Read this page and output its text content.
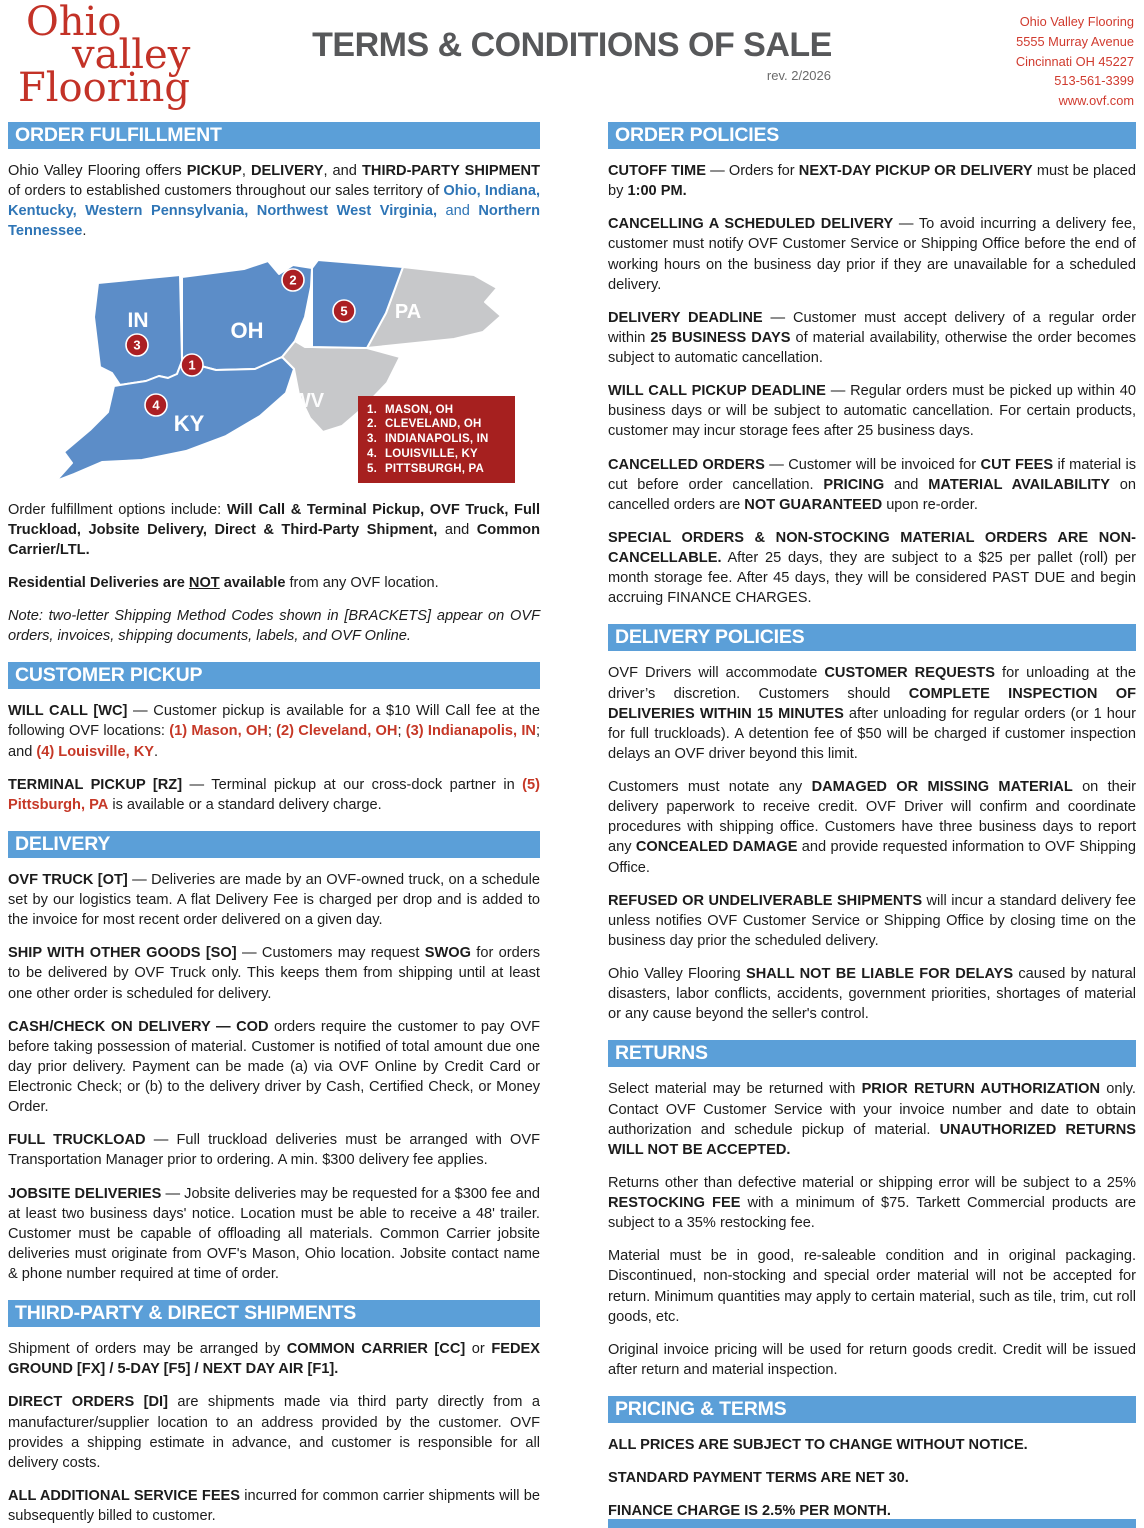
Ohio
valley
Flooring
TERMS & CONDITIONS OF SALE
rev. 2/2026
Ohio Valley Flooring
5555 Murray Avenue
Cincinnati OH 45227
513-561-3399
www.ovf.com
ORDER FULFILLMENT

Ohio Valley Flooring offers PICKUP, DELIVERY, and THIRD-PARTY SHIPMENT of orders to established customers throughout our sales territory of Ohio, Indiana, Kentucky, Western Pennsylvania, Northwest West Virginia, and Northern Tennessee.

IN	OH
KY
WV
PA
1
2
3
4
5
1. MASON, OH
2. CLEVELAND, OH
3. INDIANAPOLIS, IN
4. LOUISVILLE, KY
5. PITTSBURGH, PA

Order fulfillment options include: Will Call & Terminal Pickup, OVF Truck, Full Truckload, Jobsite Delivery, Direct & Third-Party Shipment, and Common Carrier/LTL.

Residential Deliveries are NOT available from any OVF location.

Note: two-letter Shipping Method Codes shown in [BRACKETS] appear on OVF orders, invoices, shipping documents, labels, and OVF Online.

CUSTOMER PICKUP

WILL CALL [WC] — Customer pickup is available for a $10 Will Call fee at the following OVF locations: (1) Mason, OH; (2) Cleveland, OH; (3) Indianapolis, IN; and (4) Louisville, KY.

TERMINAL PICKUP [RZ] — Terminal pickup at our cross-dock partner in (5) Pittsburgh, PA is available or a standard delivery charge.

DELIVERY

OVF TRUCK [OT] — Deliveries are made by an OVF-owned truck, on a schedule set by our logistics team. A flat Delivery Fee is charged per drop and is added to the invoice for most recent order delivered on a given day.

SHIP WITH OTHER GOODS [SO] — Customers may request SWOG for orders to be delivered by OVF Truck only. This keeps them from shipping until at least one other order is scheduled for delivery.

CASH/CHECK ON DELIVERY — COD orders require the customer to pay OVF before taking possession of material. Customer is notified of total amount due one day prior delivery. Payment can be made (a) via OVF Online by Credit Card or Electronic Check; or (b) to the delivery driver by Cash, Certified Check, or Money Order.

FULL TRUCKLOAD — Full truckload deliveries must be arranged with OVF Transportation Manager prior to ordering. A min. $300 delivery fee applies.

JOBSITE DELIVERIES — Jobsite deliveries may be requested for a $300 fee and at least two business days' notice. Location must be able to receive a 48' trailer. Customer must be capable of offloading all materials. Common Carrier jobsite deliveries must originate from OVF's Mason, Ohio location. Jobsite contact name & phone number required at time of order.

THIRD-PARTY & DIRECT SHIPMENTS

Shipment of orders may be arranged by COMMON CARRIER [CC] or FEDEX GROUND [FX] / 5-DAY [F5] / NEXT DAY AIR [F1].

DIRECT ORDERS [DI] are shipments made via third party directly from a manufacturer/supplier location to an address provided by the customer. OVF provides a shipping estimate in advance, and customer is responsible for all delivery costs.

ALL ADDITIONAL SERVICE FEES incurred for common carrier shipments will be subsequently billed to customer.

ORDER POLICIES

CUTOFF TIME — Orders for NEXT-DAY PICKUP OR DELIVERY must be placed by 1:00 PM.

CANCELLING A SCHEDULED DELIVERY — To avoid incurring a delivery fee, customer must notify OVF Customer Service or Shipping Office before the end of working hours on the business day prior if they are unavailable for a scheduled delivery.

DELIVERY DEADLINE — Customer must accept delivery of a regular order within 25 BUSINESS DAYS of material availability, otherwise the order becomes subject to automatic cancellation.

WILL CALL PICKUP DEADLINE — Regular orders must be picked up within 40 business days or will be subject to automatic cancellation. For certain products, customer may incur storage fees after 25 business days.

CANCELLED ORDERS — Customer will be invoiced for CUT FEES if material is cut before order cancellation. PRICING and MATERIAL AVAILABILITY on cancelled orders are NOT GUARANTEED upon re-order.

SPECIAL ORDERS & NON-STOCKING MATERIAL ORDERS ARE NON-CANCELLABLE. After 25 days, they are subject to a $25 per pallet (roll) per month storage fee. After 45 days, they will be considered PAST DUE and begin accruing FINANCE CHARGES.

DELIVERY POLICIES

OVF Drivers will accommodate CUSTOMER REQUESTS for unloading at the driver’s discretion. Customers should COMPLETE INSPECTION OF DELIVERIES WITHIN 15 MINUTES after unloading for regular orders (or 1 hour for full truckloads). A detention fee of $50 will be charged if customer inspection delays an OVF driver beyond this limit.

Customers must notate any DAMAGED OR MISSING MATERIAL on their delivery paperwork to receive credit. OVF Driver will confirm and coordinate procedures with shipping office. Customers have three business days to report any CONCEALED DAMAGE and provide requested information to OVF Shipping Office.

REFUSED OR UNDELIVERABLE SHIPMENTS will incur a standard delivery fee unless notifies OVF Customer Service or Shipping Office by closing time on the business day prior the scheduled delivery.

Ohio Valley Flooring SHALL NOT BE LIABLE FOR DELAYS caused by natural disasters, labor conflicts, accidents, government priorities, shortages of material or any cause beyond the seller's control.

RETURNS

Select material may be returned with PRIOR RETURN AUTHORIZATION only. Contact OVF Customer Service with your invoice number and date to obtain authorization and schedule pickup of material. UNAUTHORIZED RETURNS WILL NOT BE ACCEPTED.

Returns other than defective material or shipping error will be subject to a 25% RESTOCKING FEE with a minimum of $75. Tarkett Commercial products are subject to a 35% restocking fee.

Material must be in good, re-saleable condition and in original packaging. Discontinued, non-stocking and special order material will not be accepted for return. Minimum quantities may apply to certain material, such as tile, trim, cut roll goods, etc.

Original invoice pricing will be used for return goods credit. Credit will be issued after return and material inspection.

PRICING & TERMS

ALL PRICES ARE SUBJECT TO CHANGE WITHOUT NOTICE.

STANDARD PAYMENT TERMS ARE NET 30.

FINANCE CHARGE IS 2.5% PER MONTH.
